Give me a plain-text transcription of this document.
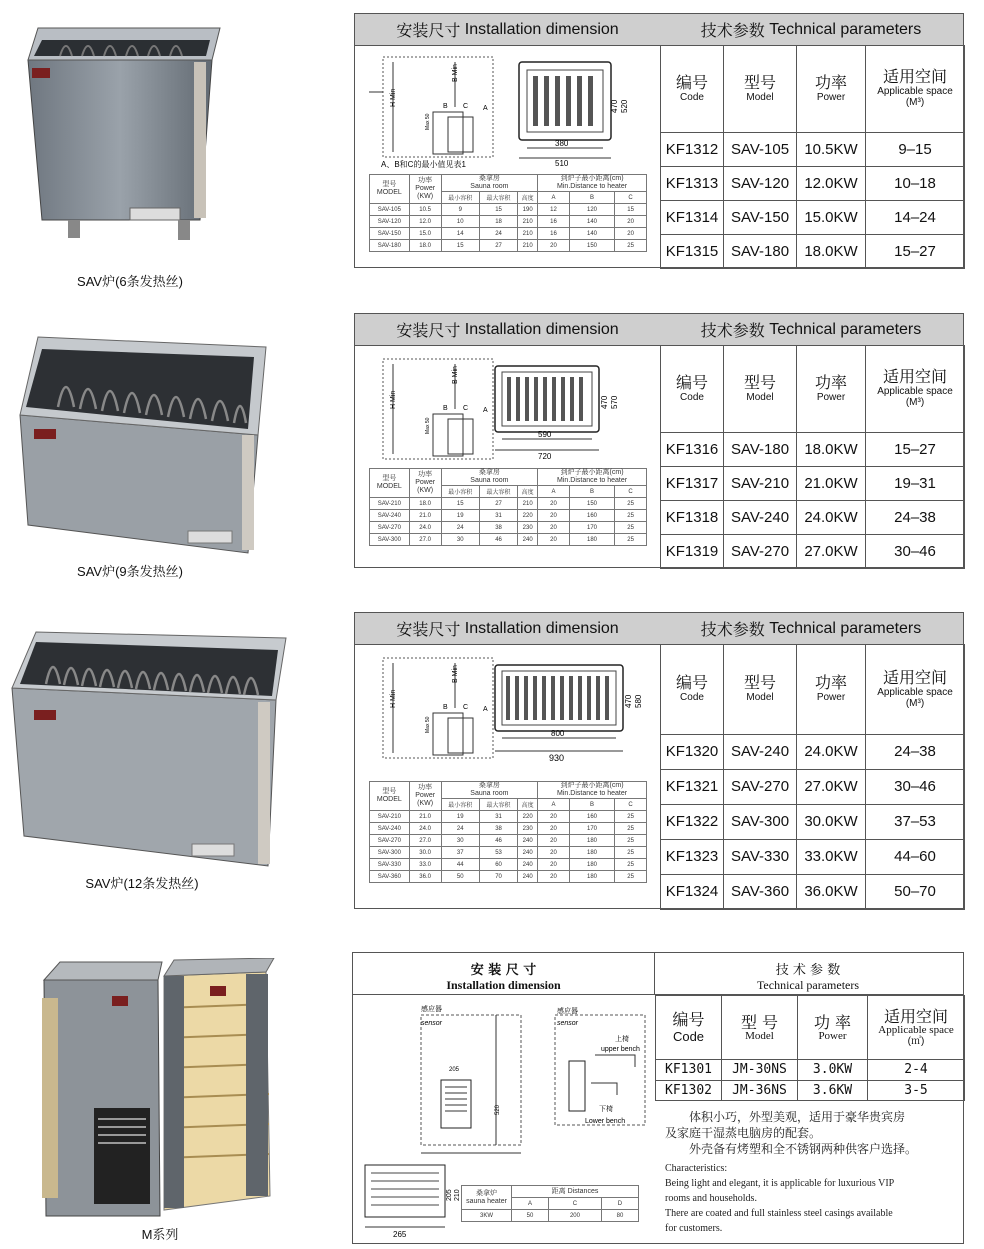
SAV炉(6条发热丝)
安装尺寸
Installation dimension	技术参数
Technical parameters
H Min
B Min
Max 50
A
B C
A、B和C的最小值见表1
380
510
470 520
型号
MODEL	功率
Power
(KW)	桑拿房
Sauna room			到炉子最小距离(cm)
Min.Distance to heater		
		最小容积	最大容积	高度	A	B	C
SAV-105	10.5	9	15	190	12	120	15
SAV-120	12.0	10	18	210	16	140	20
SAV-150	15.0	14	24	210	16	140	20
SAV-180	18.0	15	27	210	20	150	25
编号
Code	型号
Model	功率
Power	适用空间
Applicable space
(M³)

KF1312	SAV-105	10.5KW	9–15
KF1313	SAV-120	12.0KW	10–18
KF1314	SAV-150	15.0KW	14–24
KF1315	SAV-180	18.0KW	15–27
SAV炉(9条发热丝)
安装尺寸
Installation dimension	技术参数
Technical parameters
H Min
B Min
Max 50
A
B C
590
720
470 570
型号
MODEL	功率
Power
(KW)	桑拿房
Sauna room			到炉子最小距离(cm)
Min.Distance to heater		
		最小容积	最大容积	高度	A	B	C
SAV-210	18.0	15	27	210	20	150	25
SAV-240	21.0	19	31	220	20	160	25
SAV-270	24.0	24	38	230	20	170	25
SAV-300	27.0	30	46	240	20	180	25
编号
Code	型号
Model	功率
Power	适用空间
Applicable space
(M³)

KF1316	SAV-180	18.0KW	15–27
KF1317	SAV-210	21.0KW	19–31
KF1318	SAV-240	24.0KW	24–38
KF1319	SAV-270	27.0KW	30–46
SAV炉(12条发热丝)
安装尺寸
Installation dimension	技术参数
Technical parameters
H Min
B Min
Max 50
A
B C
800
930
470 580
型号
MODEL	功率
Power
(KW)	桑拿房
Sauna room			到炉子最小距离(cm)
Min.Distance to heater		
		最小容积	最大容积	高度	A	B	C
SAV-210	21.0	19	31	220	20	160	25
SAV-240	24.0	24	38	230	20	170	25
SAV-270	27.0	30	46	240	20	180	25
SAV-300	30.0	37	53	240	20	180	25
SAV-330	33.0	44	60	240	20	180	25
SAV-360	36.0	50	70	240	20	180	25
编号
Code	型号
Model	功率
Power	适用空间
Applicable space
(M³)

KF1320	SAV-240	24.0KW	24–38
KF1321	SAV-270	27.0KW	30–46
KF1322	SAV-300	30.0KW	37–53
KF1323	SAV-330	33.0KW	44–60
KF1324	SAV-360	36.0KW	50–70
M系列
安 装 尺 寸
Installation dimension
技 术 参 数
Technical parameters
感应器
sensor
205
520
感应器
sensor
上椅
upper bench
下椅
Lower bench
265
205 210 桑拿炉
sauna heater	距离 Distances		
	A	C	D
3KW	50	200	80
编号
Code	型 号
Model	功 率
Power	适用空间
Applicable space
(㎥)

KF1301	JM-30NS	3.0KW	2-4
KF1302	JM-36NS	3.6KW	3-5
体积小巧，外型美观，适用于豪华贵宾房
及家庭干湿蒸电脑房的配套。
外壳备有烤塑和全不锈钢两种供客户选择。
Characteristics:
Being light and elegant, it is applicable for luxurious VIP
rooms and households.
There are coated and full stainless steel casings available
for customers.
